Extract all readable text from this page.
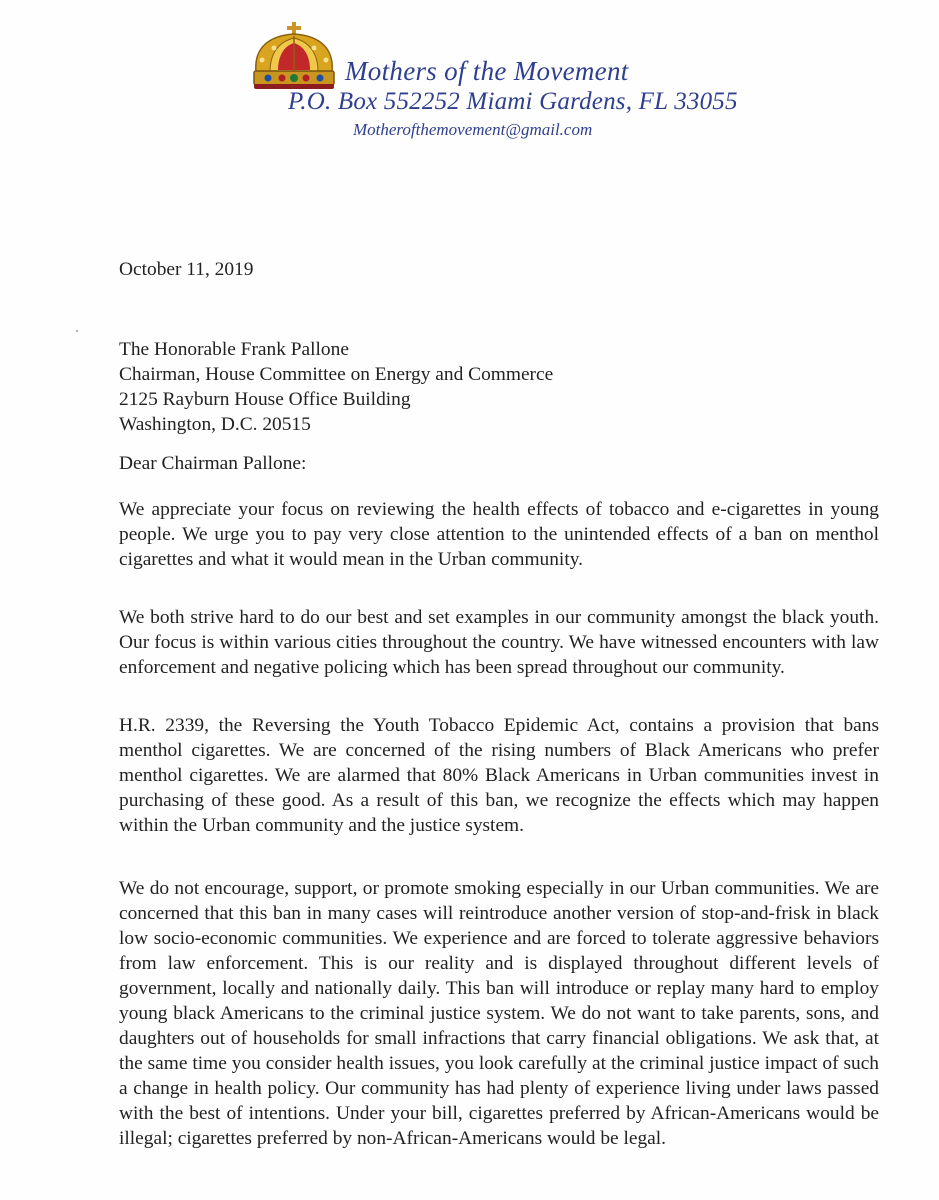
Mothers of the Movement
P.O. Box 552252 Miami Gardens, FL 33055
Motherofthemovement@gmail.com
October 11, 2019
The Honorable Frank Pallone
Chairman, House Committee on Energy and Commerce
2125 Rayburn House Office Building
Washington, D.C. 20515
Dear Chairman Pallone:
We appreciate your focus on reviewing the health effects of tobacco and e-cigarettes in young people. We urge you to pay very close attention to the unintended effects of a ban on menthol cigarettes and what it would mean in the Urban community.
We both strive hard to do our best and set examples in our community amongst the black youth. Our focus is within various cities throughout the country. We have witnessed encounters with law enforcement and negative policing which has been spread throughout our community.
H.R. 2339, the Reversing the Youth Tobacco Epidemic Act, contains a provision that bans menthol cigarettes. We are concerned of the rising numbers of Black Americans who prefer menthol cigarettes. We are alarmed that 80% Black Americans in Urban communities invest in purchasing of these good. As a result of this ban, we recognize the effects which may happen within the Urban community and the justice system.
We do not encourage, support, or promote smoking especially in our Urban communities. We are concerned that this ban in many cases will reintroduce another version of stop-and-frisk in black low socio-economic communities. We experience and are forced to tolerate aggressive behaviors from law enforcement. This is our reality and is displayed throughout different levels of government, locally and nationally daily. This ban will introduce or replay many hard to employ young black Americans to the criminal justice system. We do not want to take parents, sons, and daughters out of households for small infractions that carry financial obligations. We ask that, at the same time you consider health issues, you look carefully at the criminal justice impact of such a change in health policy. Our community has had plenty of experience living under laws passed with the best of intentions. Under your bill, cigarettes preferred by African-Americans would be illegal; cigarettes preferred by non-African-Americans would be legal.
